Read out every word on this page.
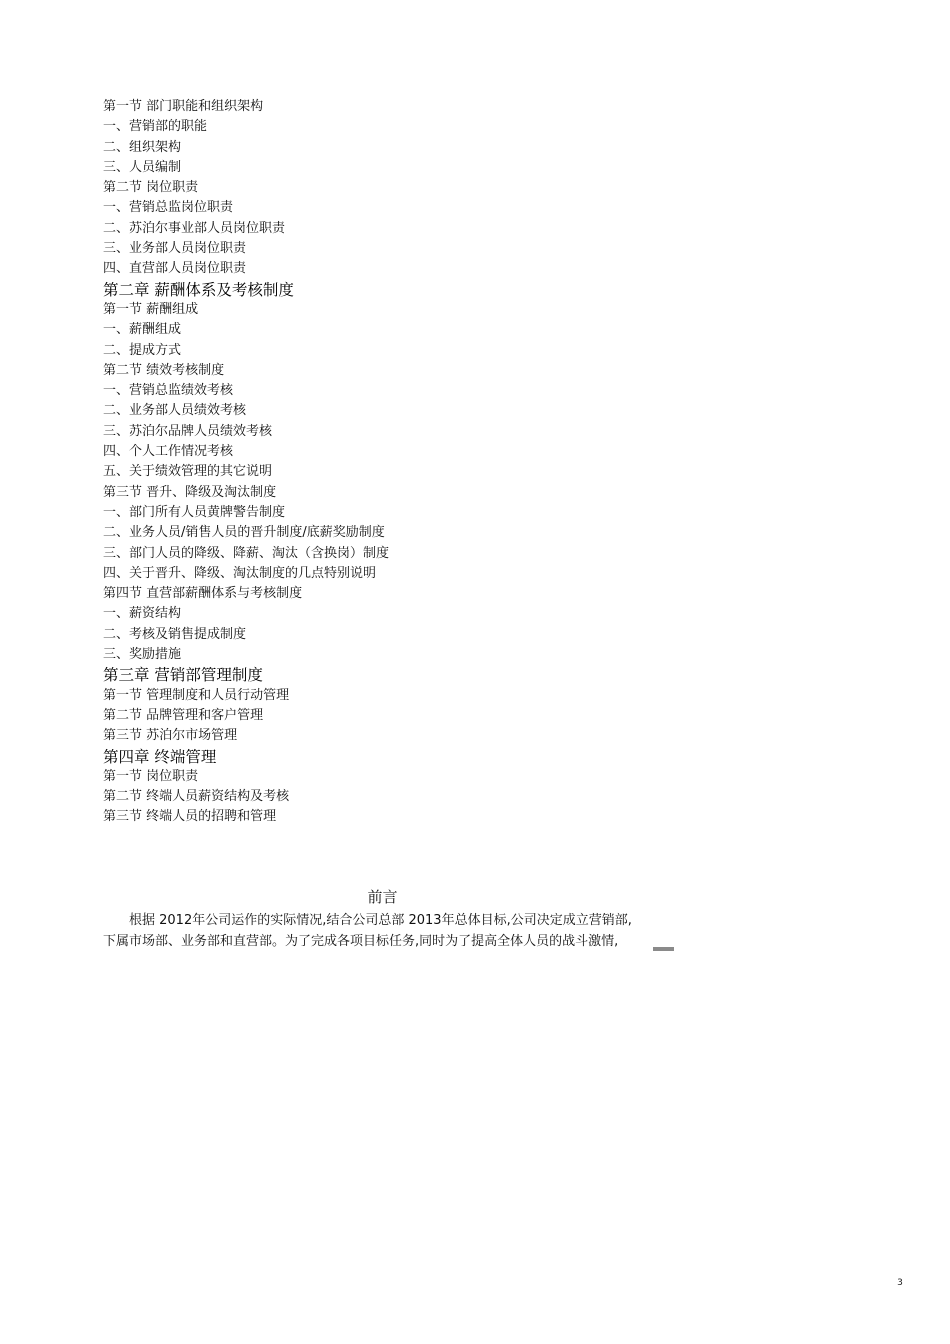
第一节 部门职能和组织架构
一、营销部的职能
二、组织架构
三、人员编制
第二节 岗位职责
一、营销总监岗位职责
二、苏泊尔事业部人员岗位职责
三、业务部人员岗位职责
四、直营部人员岗位职责
第二章 薪酬体系及考核制度
第一节 薪酬组成
一、薪酬组成
二、提成方式
第二节 绩效考核制度
一、营销总监绩效考核
二、业务部人员绩效考核
三、苏泊尔品牌人员绩效考核
四、个人工作情况考核
五、关于绩效管理的其它说明
第三节 晋升、降级及淘汰制度
一、部门所有人员黄牌警告制度
二、业务人员/销售人员的晋升制度/底薪奖励制度
三、部门人员的降级、降薪、淘汰（含换岗）制度
四、关于晋升、降级、淘汰制度的几点特别说明
第四节 直营部薪酬体系与考核制度
一、薪资结构
二、考核及销售提成制度
三、奖励措施
第三章 营销部管理制度
第一节 管理制度和人员行动管理
第二节 品牌管理和客户管理
第三节 苏泊尔市场管理
第四章 终端管理
第一节 岗位职责
第二节 终端人员薪资结构及考核
第三节 终端人员的招聘和管理
前言
根据 2012年公司运作的实际情况,结合公司总部 2013年总体目标,公司决定成立营销部,
下属市场部、业务部和直营部。为了完成各项目标任务,同时为了提高全体人员的战斗激情,
3
